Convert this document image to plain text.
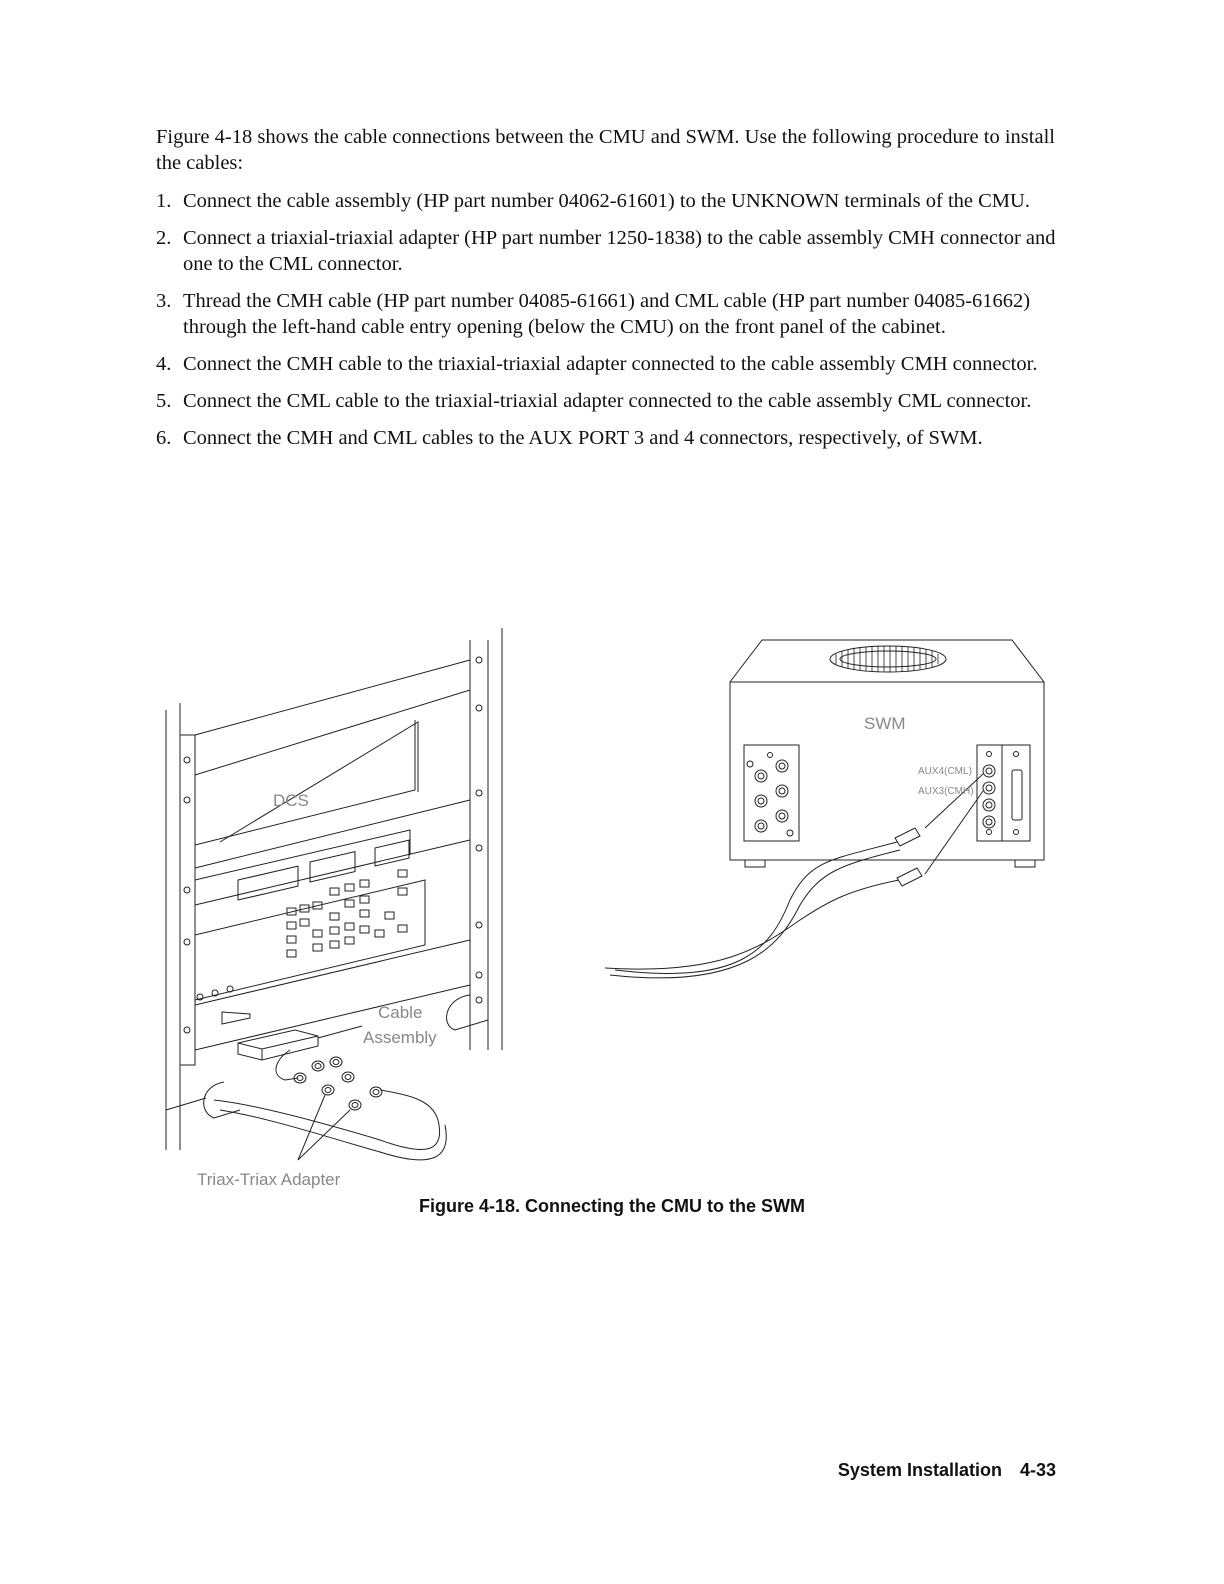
Figure 4-18 shows the cable connections between the CMU and SWM. Use the following procedure to install the cables:

1. Connect the cable assembly (HP part number 04062-61601) to the UNKNOWN terminals of the CMU.
2. Connect a triaxial-triaxial adapter (HP part number 1250-1838) to the cable assembly CMH connector and one to the CML connector.
3. Thread the CMH cable (HP part number 04085-61661) and CML cable (HP part number 04085-61662) through the left-hand cable entry opening (below the CMU) on the front panel of the cabinet.
4. Connect the CMH cable to the triaxial-triaxial adapter connected to the cable assembly CMH connector.
5. Connect the CML cable to the triaxial-triaxial adapter connected to the cable assembly CML connector.
6. Connect the CMH and CML cables to the AUX PORT 3 and 4 connectors, respectively, of SWM.
DCS
Cable
Assembly
Triax-Triax Adapter
SWM
AUX4(CML)
AUX3(CMH)
Figure 4-18. Connecting the CMU to the SWM
System Installation 4-33
